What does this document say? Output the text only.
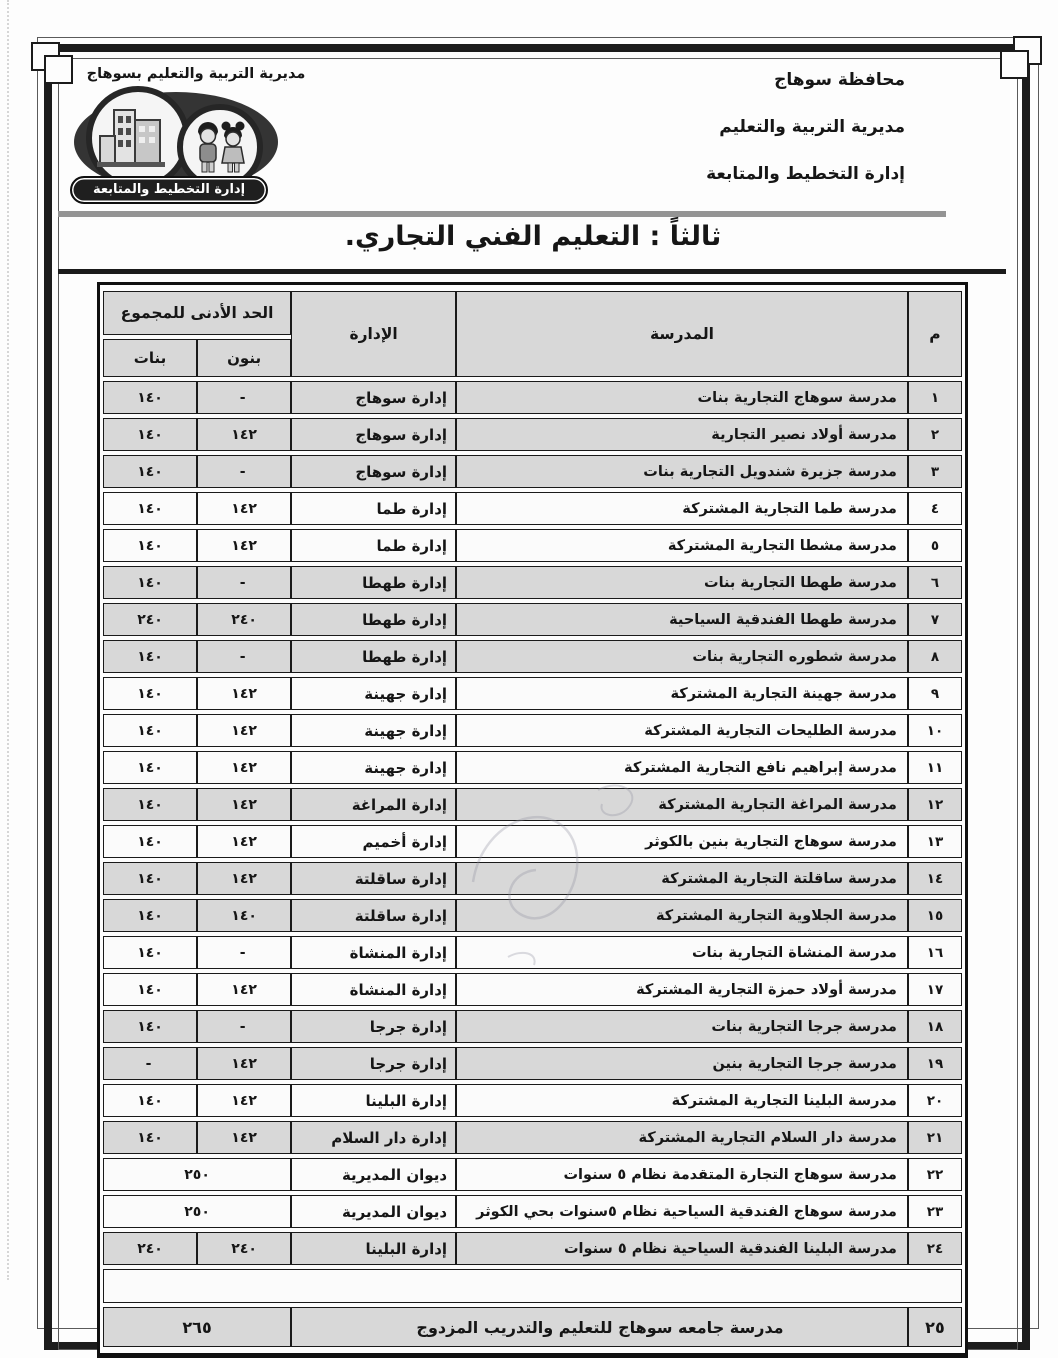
محافظة سوهاج
مديرية التربية والتعليم
إدارة التخطيط والمتابعة
مديرية التربية والتعليم بسوهاج
إدارة التخطيط والمتابعة
ثالثاً : التعليم الفني التجاري.
م	المدرسة	الإدارة	الحد الأدنى للمجموع	
			بنون	بنات
١	مدرسة سوهاج التجارية بنات	إدارة سوهاج	-	١٤٠
٢	مدرسة أولاد نصير التجارية	إدارة سوهاج	١٤٢	١٤٠
٣	مدرسة جزيرة شندويل التجارية بنات	إدارة سوهاج	-	١٤٠
٤	مدرسة طما التجارية المشتركة	إدارة طما	١٤٢	١٤٠
٥	مدرسة مشطا التجارية المشتركة	إدارة طما	١٤٢	١٤٠
٦	مدرسة طهطا التجارية بنات	إدارة طهطا	-	١٤٠
٧	مدرسة طهطا الفندقية السياحية	إدارة طهطا	٢٤٠	٢٤٠
٨	مدرسة شطوره التجارية بنات	إدارة طهطا	-	١٤٠
٩	مدرسة جهينة التجارية المشتركة	إدارة جهينة	١٤٢	١٤٠
١٠	مدرسة الطليحات التجارية المشتركة	إدارة جهينة	١٤٢	١٤٠
١١	مدرسة إبراهيم نافع التجارية المشتركة	إدارة جهينة	١٤٢	١٤٠
١٢	مدرسة المراغة التجارية المشتركة	إدارة المراغة	١٤٢	١٤٠
١٣	مدرسة سوهاج التجارية بنين بالكوثر	إدارة أخميم	١٤٢	١٤٠
١٤	مدرسة ساقلتة التجارية المشتركة	إدارة ساقلتة	١٤٢	١٤٠
١٥	مدرسة الجلاوية التجارية المشتركة	إدارة ساقلتة	١٤٠	١٤٠
١٦	مدرسة المنشاة التجارية بنات	إدارة المنشاة	-	١٤٠
١٧	مدرسة أولاد حمزة التجارية المشتركة	إدارة المنشاة	١٤٢	١٤٠
١٨	مدرسة جرجا التجارية بنات	إدارة جرجا	-	١٤٠
١٩	مدرسة جرجا التجارية بنين	إدارة جرجا	١٤٢	-
٢٠	مدرسة البلينا التجارية المشتركة	إدارة البلينا	١٤٢	١٤٠
٢١	مدرسة دار السلام التجارية المشتركة	إدارة دار السلام	١٤٢	١٤٠
٢٢	مدرسة سوهاج التجارة المتقدمة نظام ٥ سنوات	ديوان المديرية	٢٥٠	
٢٣	مدرسة سوهاج الفندقية السياحية نظام ٥سنوات بحي الكوثر	ديوان المديرية	٢٥٠	
٢٤	مدرسة البلينا الفندقية السياحية نظام ٥ سنوات	إدارة البلينا	٢٤٠	٢٤٠

٢٥	مدرسة جامعه سوهاج للتعليم والتدريب المزدوج		٢٦٥	
